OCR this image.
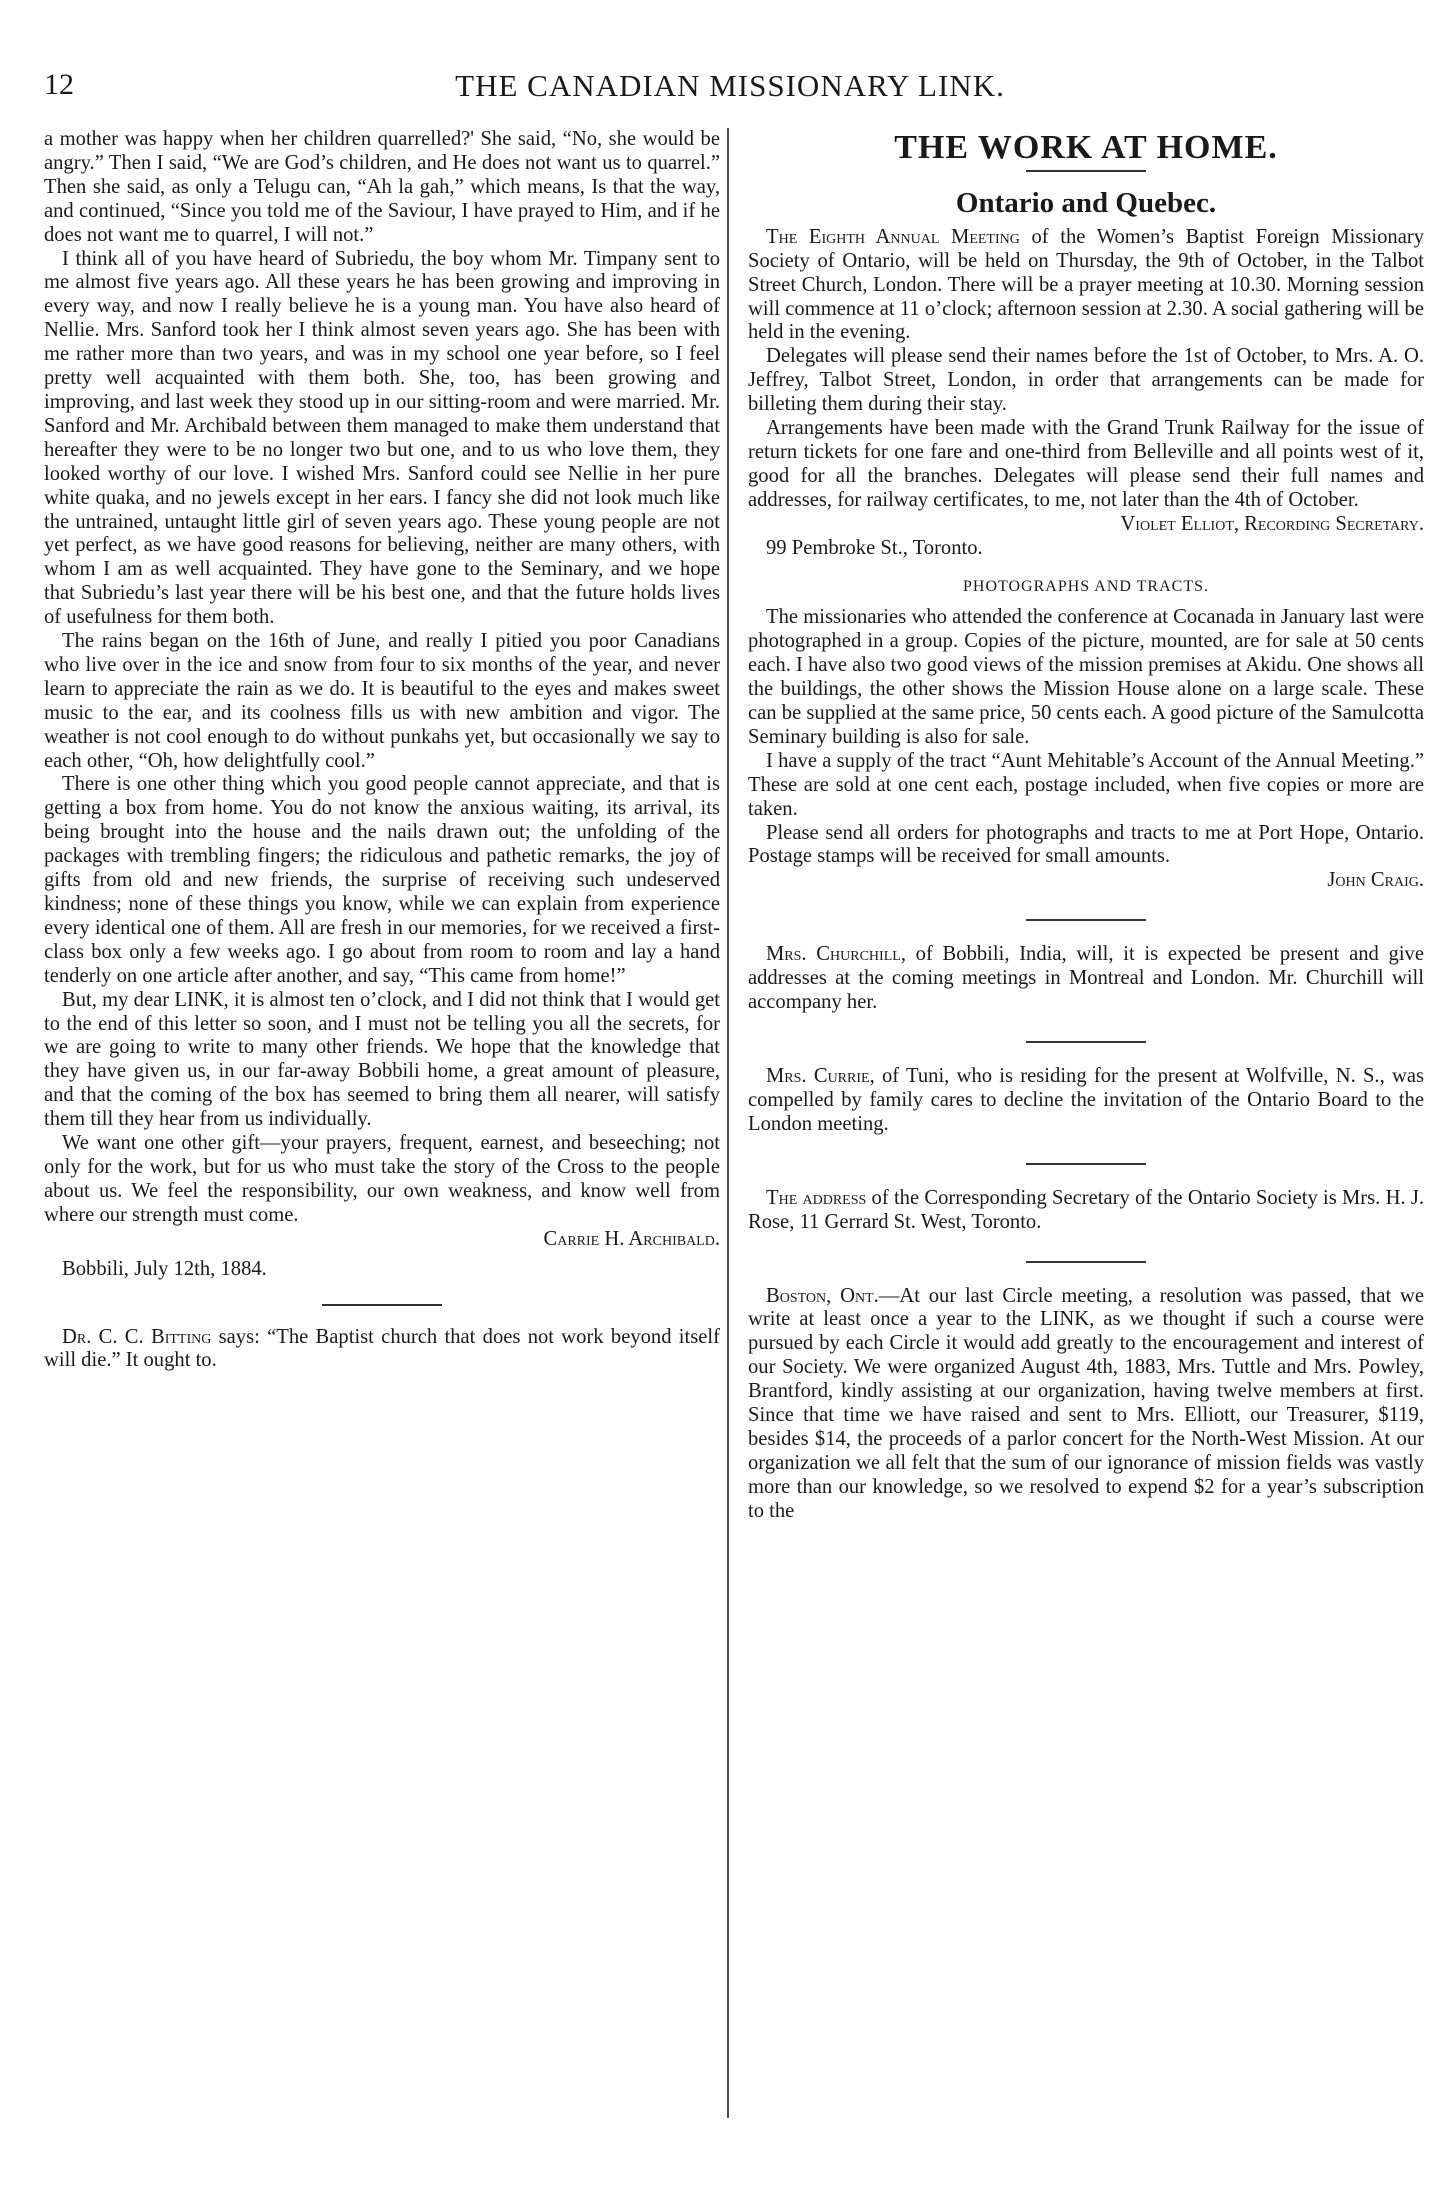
12	THE CANADIAN MISSIONARY LINK.

a mother was happy when her children quarrelled?' She said, “No, she would be angry.” Then I said, “We are God’s children, and He does not want us to quarrel.” Then she said, as only a Telugu can, “Ah la gah,” which means, Is that the way, and continued, “Since you told me of the Saviour, I have prayed to Him, and if he does not want me to quarrel, I will not.”

I think all of you have heard of Subriedu, the boy whom Mr. Timpany sent to me almost five years ago. All these years he has been growing and improving in every way, and now I really believe he is a young man. You have also heard of Nellie. Mrs. Sanford took her I think almost seven years ago. She has been with me rather more than two years, and was in my school one year before, so I feel pretty well acquainted with them both. She, too, has been growing and improving, and last week they stood up in our sitting-room and were married. Mr. Sanford and Mr. Archibald between them managed to make them understand that hereafter they were to be no longer two but one, and to us who love them, they looked worthy of our love. I wished Mrs. Sanford could see Nellie in her pure white quaka, and no jewels except in her ears. I fancy she did not look much like the untrained, untaught little girl of seven years ago. These young people are not yet perfect, as we have good reasons for believing, neither are many others, with whom I am as well acquainted. They have gone to the Seminary, and we hope that Subriedu’s last year there will be his best one, and that the future holds lives of usefulness for them both.

The rains began on the 16th of June, and really I pitied you poor Canadians who live over in the ice and snow from four to six months of the year, and never learn to appreciate the rain as we do. It is beautiful to the eyes and makes sweet music to the ear, and its coolness fills us with new ambition and vigor. The weather is not cool enough to do without punkahs yet, but occasionally we say to each other, “Oh, how delightfully cool.”

There is one other thing which you good people cannot appreciate, and that is getting a box from home. You do not know the anxious waiting, its arrival, its being brought into the house and the nails drawn out; the unfolding of the packages with trembling fingers; the ridiculous and pathetic remarks, the joy of gifts from old and new friends, the surprise of receiving such undeserved kindness; none of these things you know, while we can explain from experience every identical one of them. All are fresh in our memories, for we received a first-class box only a few weeks ago. I go about from room to room and lay a hand tenderly on one article after another, and say, “This came from home!”

But, my dear LINK, it is almost ten o’clock, and I did not think that I would get to the end of this letter so soon, and I must not be telling you all the secrets, for we are going to write to many other friends. We hope that the knowledge that they have given us, in our far-away Bobbili home, a great amount of pleasure, and that the coming of the box has seemed to bring them all nearer, will satisfy them till they hear from us individually.

We want one other gift—your prayers, frequent, earnest, and beseeching; not only for the work, but for us who must take the story of the Cross to the people about us. We feel the responsibility, our own weakness, and know well from where our strength must come.

Carrie H. Archibald.

Bobbili, July 12th, 1884.

Dr. C. C. Bitting says: “The Baptist church that does not work beyond itself will die.” It ought to.

THE WORK AT HOME.
Ontario and Quebec.

The Eighth Annual Meeting of the Women’s Baptist Foreign Missionary Society of Ontario, will be held on Thursday, the 9th of October, in the Talbot Street Church, London. There will be a prayer meeting at 10.30. Morning session will commence at 11 o’clock; afternoon session at 2.30. A social gathering will be held in the evening.

Delegates will please send their names before the 1st of October, to Mrs. A. O. Jeffrey, Talbot Street, London, in order that arrangements can be made for billeting them during their stay.

Arrangements have been made with the Grand Trunk Railway for the issue of return tickets for one fare and one-third from Belleville and all points west of it, good for all the branches. Delegates will please send their full names and addresses, for railway certificates, to me, not later than the 4th of October.

Violet Elliot, Recording Secretary.

99 Pembroke St., Toronto.

PHOTOGRAPHS AND TRACTS.

The missionaries who attended the conference at Cocanada in January last were photographed in a group. Copies of the picture, mounted, are for sale at 50 cents each. I have also two good views of the mission premises at Akidu. One shows all the buildings, the other shows the Mission House alone on a large scale. These can be supplied at the same price, 50 cents each. A good picture of the Samulcotta Seminary building is also for sale.

I have a supply of the tract “Aunt Mehitable’s Account of the Annual Meeting.” These are sold at one cent each, postage included, when five copies or more are taken.

Please send all orders for photographs and tracts to me at Port Hope, Ontario. Postage stamps will be received for small amounts.

John Craig.

Mrs. Churchill, of Bobbili, India, will, it is expected be present and give addresses at the coming meetings in Montreal and London. Mr. Churchill will accompany her.

Mrs. Currie, of Tuni, who is residing for the present at Wolfville, N. S., was compelled by family cares to decline the invitation of the Ontario Board to the London meeting.

The address of the Corresponding Secretary of the Ontario Society is Mrs. H. J. Rose, 11 Gerrard St. West, Toronto.

Boston, Ont.—At our last Circle meeting, a resolution was passed, that we write at least once a year to the LINK, as we thought if such a course were pursued by each Circle it would add greatly to the encouragement and interest of our Society. We were organized August 4th, 1883, Mrs. Tuttle and Mrs. Powley, Brantford, kindly assisting at our organization, having twelve members at first. Since that time we have raised and sent to Mrs. Elliott, our Treasurer, $119, besides $14, the proceeds of a parlor concert for the North-West Mission. At our organization we all felt that the sum of our ignorance of mission fields was vastly more than our knowledge, so we resolved to expend $2 for a year’s subscription to the
